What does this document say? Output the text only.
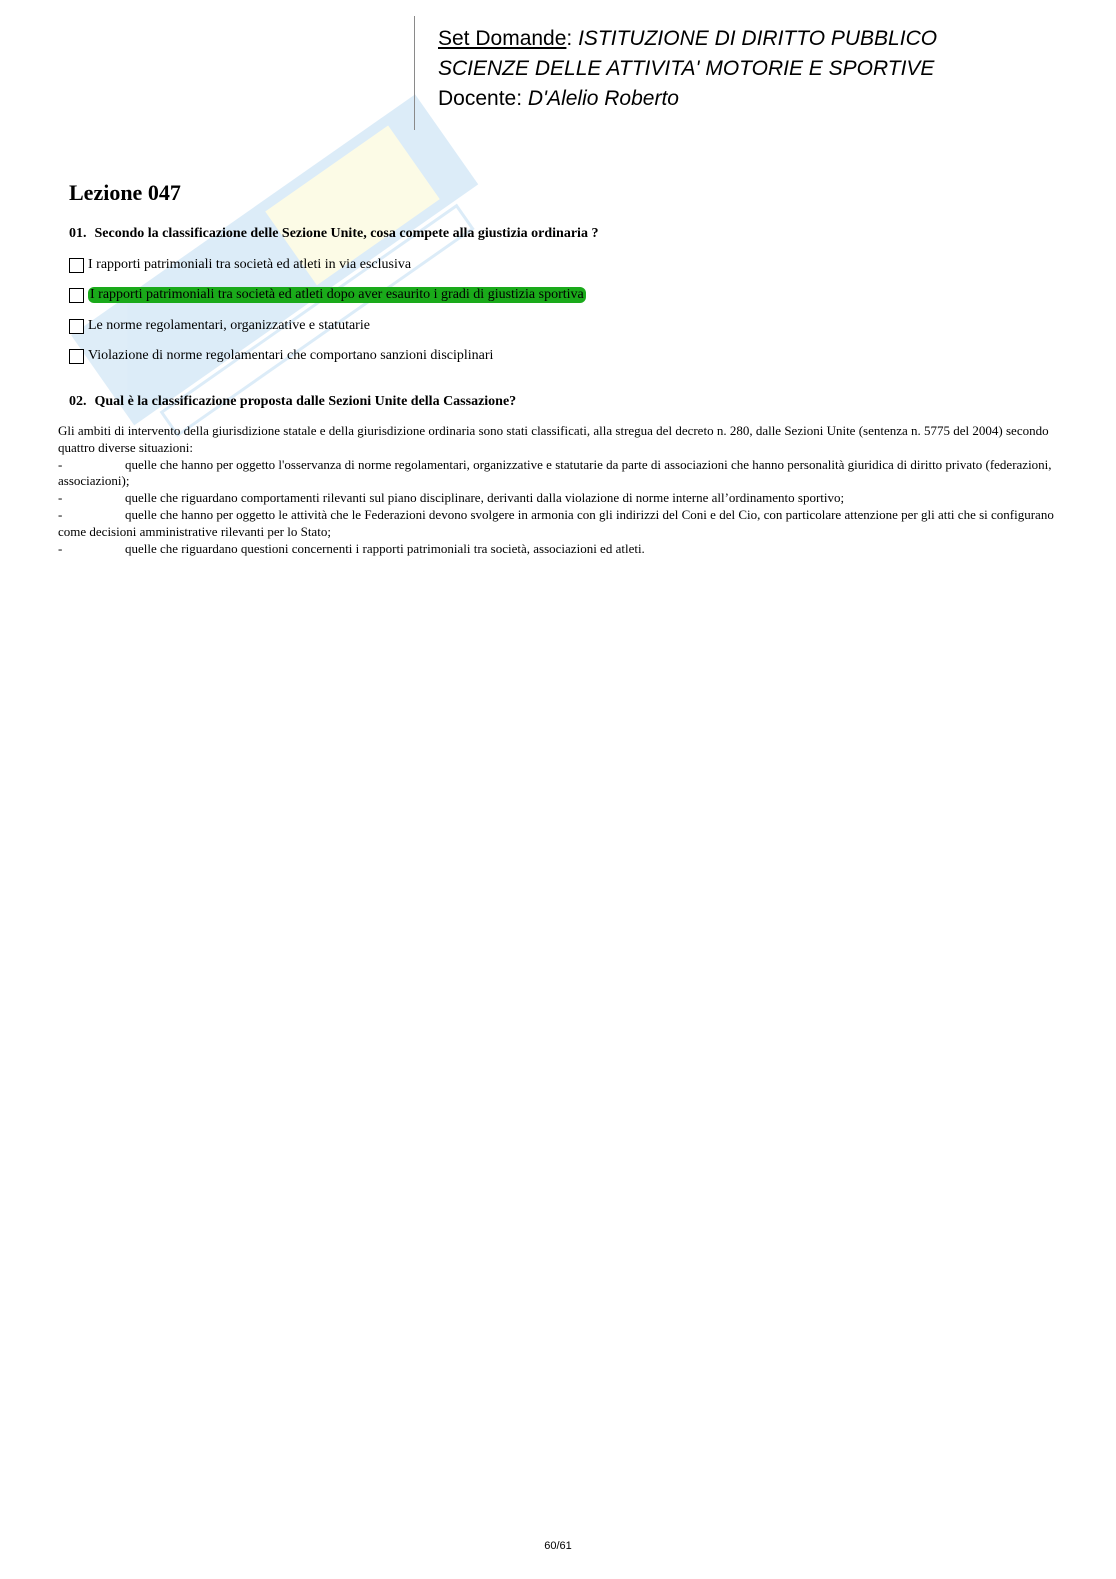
Set Domande: ISTITUZIONE DI DIRITTO PUBBLICO
SCIENZE DELLE ATTIVITA' MOTORIE E SPORTIVE
Docente: D'Alelio Roberto
Lezione 047

01. Secondo la classificazione delle Sezione Unite, cosa compete alla giustizia ordinaria ?

I rapporti patrimoniali tra società ed atleti in via esclusiva
I rapporti patrimoniali tra società ed atleti dopo aver esaurito i gradi di giustizia sportiva
Le norme regolamentari, organizzative e statutarie
Violazione di norme regolamentari che comportano sanzioni disciplinari

02. Qual è la classificazione proposta dalle Sezioni Unite della Cassazione?

Gli ambiti di intervento della giurisdizione statale e della giurisdizione ordinaria sono stati classificati, alla stregua del decreto n. 280, dalle Sezioni Unite (sentenza n. 5775 del 2004) secondo quattro diverse situazioni:

-	quelle che hanno per oggetto l'osservanza di norme regolamentari, organizzative e statutarie da parte di associazioni che hanno personalità giuridica di diritto privato (federazioni, associazioni);

-	quelle che riguardano comportamenti rilevanti sul piano disciplinare, derivanti dalla violazione di norme interne all’ordinamento sportivo;

-	quelle che hanno per oggetto le attività che le Federazioni devono svolgere in armonia con gli indirizzi del Coni e del Cio, con particolare attenzione per gli atti che si configurano come decisioni amministrative rilevanti per lo Stato;

-	quelle che riguardano questioni concernenti i rapporti patrimoniali tra società, associazioni ed atleti.

60/61
